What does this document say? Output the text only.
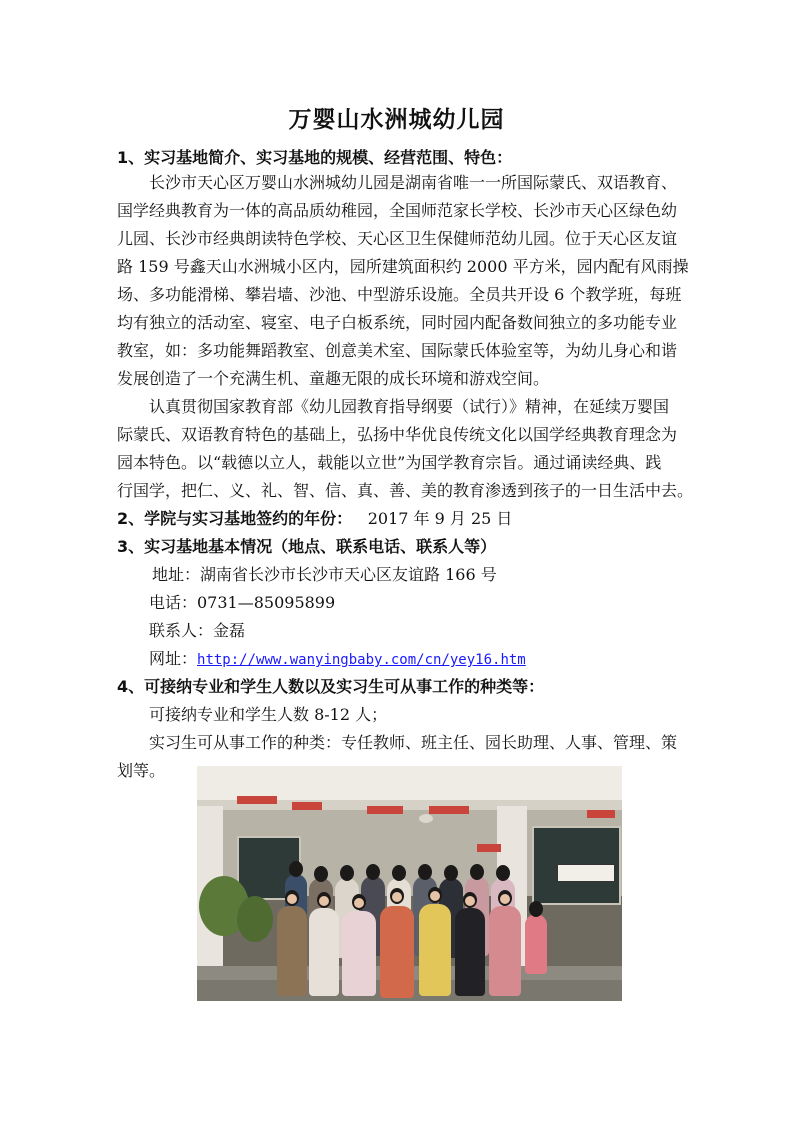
万婴山水洲城幼儿园
1、实习基地简介、实习基地的规模、经营范围、特色：
长沙市天心区万婴山水洲城幼儿园是湖南省唯一一所国际蒙氏、双语教育、
国学经典教育为一体的高品质幼稚园，全国师范家长学校、长沙市天心区绿色幼
儿园、长沙市经典朗读特色学校、天心区卫生保健师范幼儿园。位于天心区友谊
路 159 号鑫天山水洲城小区内，园所建筑面积约 2000 平方米，园内配有风雨操
场、多功能滑梯、攀岩墙、沙池、中型游乐设施。全员共开设 6 个教学班，每班
均有独立的活动室、寝室、电子白板系统，同时园内配备数间独立的多功能专业
教室，如：多功能舞蹈教室、创意美术室、国际蒙氏体验室等，为幼儿身心和谐
发展创造了一个充满生机、童趣无限的成长环境和游戏空间。
认真贯彻国家教育部《幼儿园教育指导纲要（试行）》精神，在延续万婴国
际蒙氏、双语教育特色的基础上，弘扬中华优良传统文化以国学经典教育理念为
园本特色。以“载德以立人，载能以立世”为国学教育宗旨。通过诵读经典、践
行国学，把仁、义、礼、智、信、真、善、美的教育渗透到孩子的一日生活中去。
2、学院与实习基地签约的年份： 2017 年 9 月 25 日
3、实习基地基本情况（地点、联系电话、联系人等）
地址：湖南省长沙市长沙市天心区友谊路 166 号
电话：0731—85095899
联系人：金磊
网址：http://www.wanyingbaby.com/cn/yey16.htm
4、可接纳专业和学生人数以及实习生可从事工作的种类等：
可接纳专业和学生人数 8-12 人；
实习生可从事工作的种类：专任教师、班主任、园长助理、人事、管理、策
划等。
